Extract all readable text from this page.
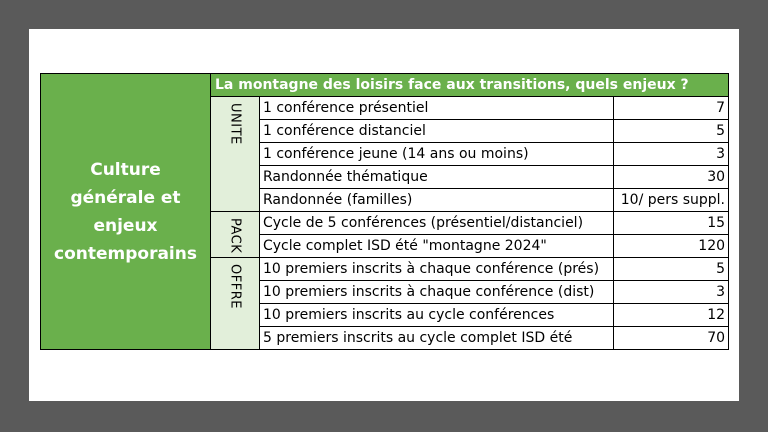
Culture générale et enjeux contemporains	La montagne des loisirs face aux transitions, quels enjeux ?		
	UNITE	1 conférence présentiel	7
		1 conférence distanciel	5
		1 conférence jeune (14 ans ou moins)	3
		Randonnée thématique	30
		Randonnée (familles)	10/ pers suppl.
	PACK	Cycle de 5 conférences (présentiel/distanciel)	15
		Cycle complet ISD été "montagne 2024"	120
	OFFRE	10 premiers inscrits à chaque conférence (prés)	5
		10 premiers inscrits à chaque conférence (dist)	3
		10 premiers inscrits au cycle conférences	12
		5 premiers inscrits au cycle complet ISD été	70
